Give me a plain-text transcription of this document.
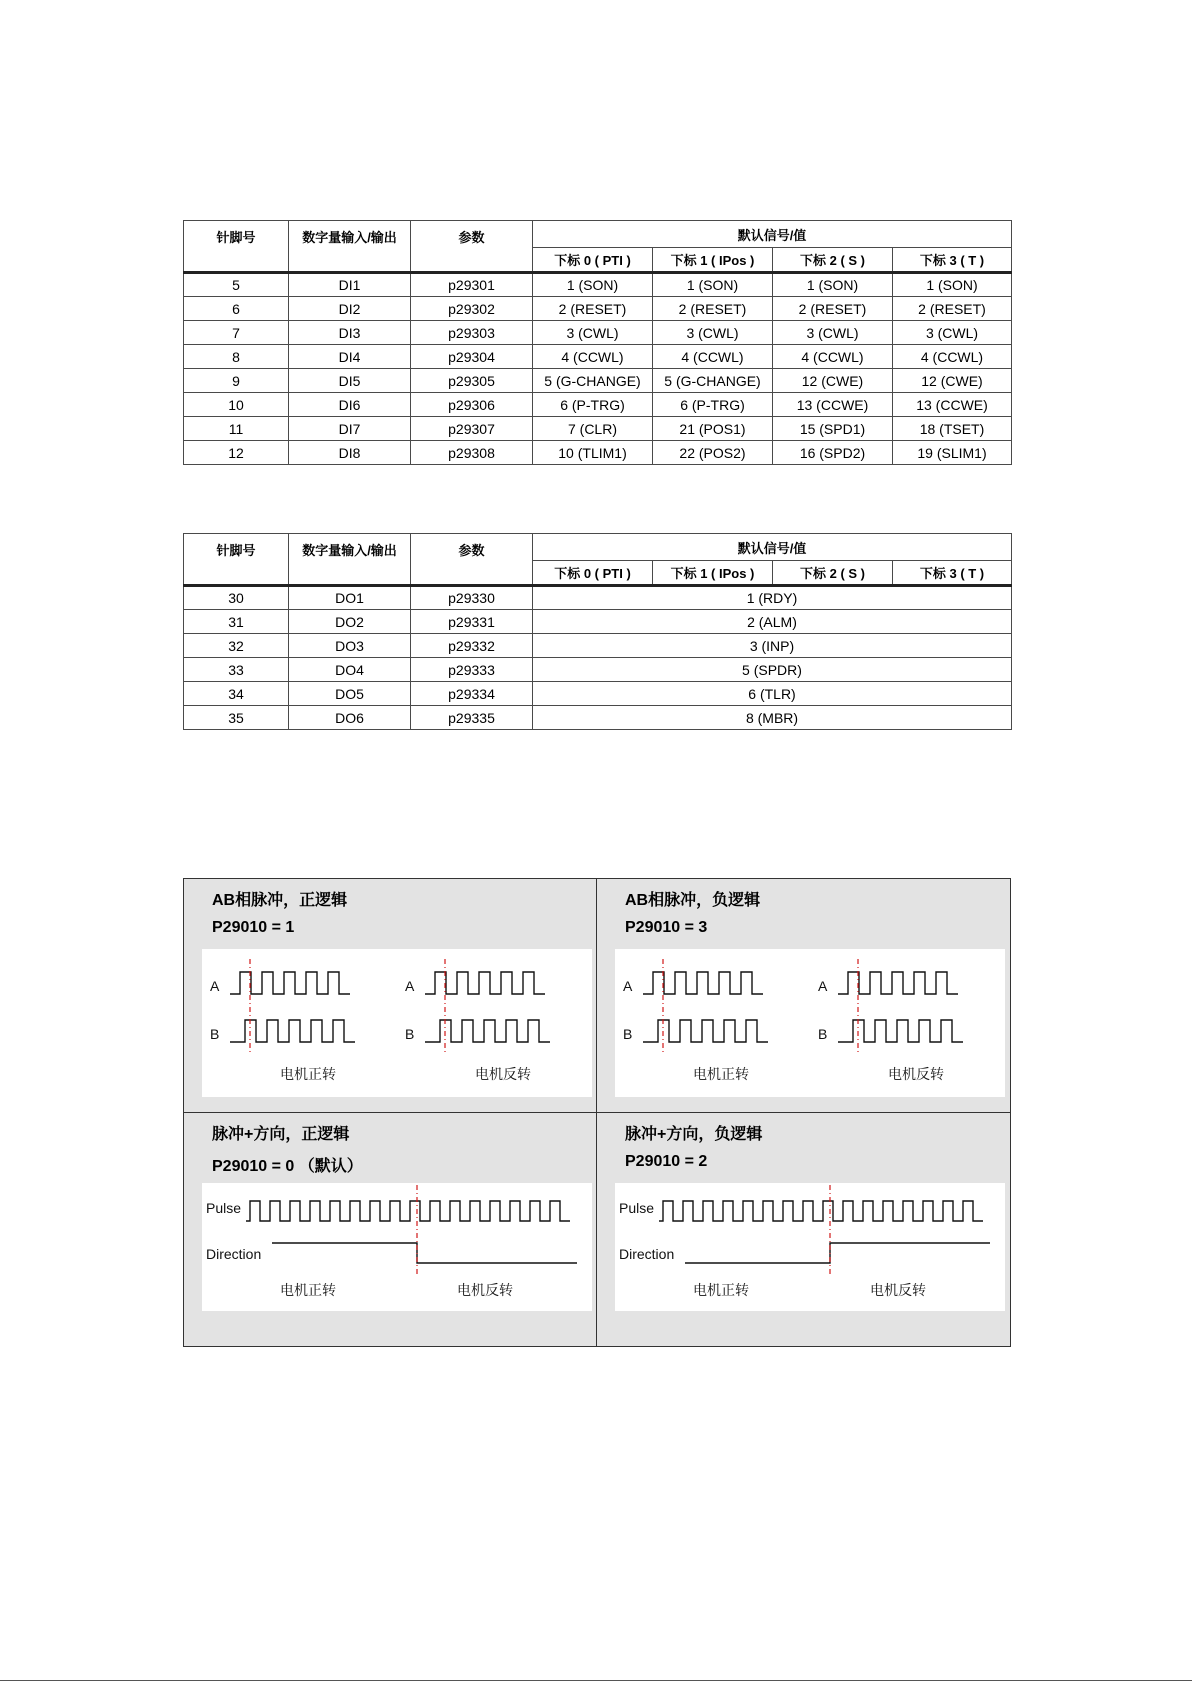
针脚号	数字量输入/输出	参数	默认信号/值			
			下标 0 ( PTI )	下标 1 ( IPos )	下标 2 ( S )	下标 3 ( T )
5	DI1	p29301	1 (SON)	1 (SON)	1 (SON)	1 (SON)
6	DI2	p29302	2 (RESET)	2 (RESET)	2 (RESET)	2 (RESET)
7	DI3	p29303	3 (CWL)	3 (CWL)	3 (CWL)	3 (CWL)
8	DI4	p29304	4 (CCWL)	4 (CCWL)	4 (CCWL)	4 (CCWL)
9	DI5	p29305	5 (G-CHANGE)	5 (G-CHANGE)	12 (CWE)	12 (CWE)
10	DI6	p29306	6 (P-TRG)	6 (P-TRG)	13 (CCWE)	13 (CCWE)
11	DI7	p29307	7 (CLR)	21 (POS1)	15 (SPD1)	18 (TSET)
12	DI8	p29308	10 (TLIM1)	22 (POS2)	16 (SPD2)	19 (SLIM1)
针脚号	数字量输入/输出	参数	默认信号/值			
			下标 0 ( PTI )	下标 1 ( IPos )	下标 2 ( S )	下标 3 ( T )
30	DO1	p29330	1 (RDY)			
31	DO2	p29331	2 (ALM)			
32	DO3	p29332	3 (INP)			
33	DO4	p29333	5 (SPDR)			
34	DO5	p29334	6 (TLR)			
35	DO6	p29335	8 (MBR)			
AB相脉冲，正逻辑
P29010 = 1
A
B
电机正转
A
B
电机反转
AB相脉冲，负逻辑
P29010 = 3
A
B
电机正转
A
B
电机反转
脉冲+方向，正逻辑
P29010 = 0 （默认）
Pulse
Direction
电机正转	电机反转
脉冲+方向，负逻辑
P29010 = 2
Pulse
Direction
电机正转	电机反转
